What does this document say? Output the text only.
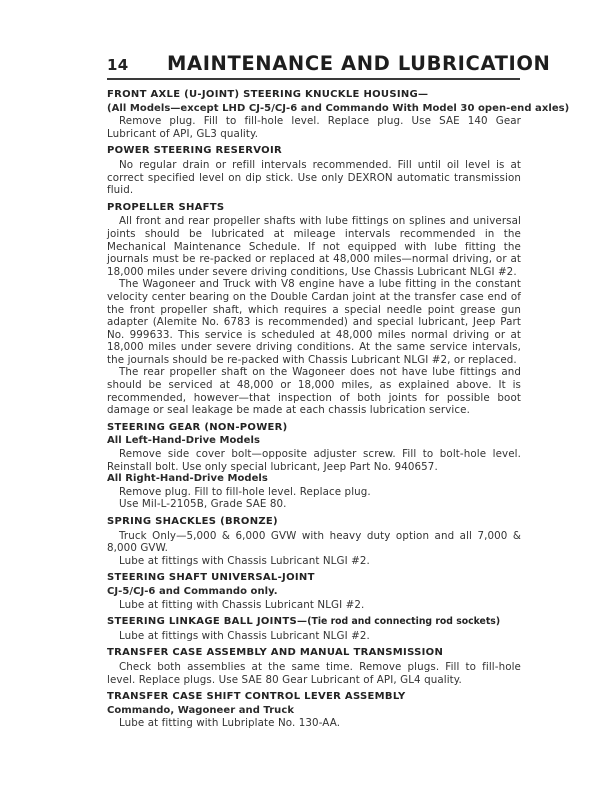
14 MAINTENANCE AND LUBRICATION
FRONT AXLE (U-JOINT) STEERING KNUCKLE HOUSING—
(All Models—except LHD CJ-5/CJ-6 and Commando With Model 30 open-end axles)
Remove plug. Fill to fill-hole level. Replace plug. Use SAE 140 Gear Lubricant of API, GL3 quality.
POWER STEERING RESERVOIR
No regular drain or refill intervals recommended. Fill until oil level is at correct specified level on dip stick. Use only DEXRON automatic transmission fluid.
PROPELLER SHAFTS
All front and rear propeller shafts with lube fittings on splines and universal joints should be lubricated at mileage intervals recommended in the Mechanical Maintenance Schedule. If not equipped with lube fitting the journals must be re-packed or replaced at 48,000 miles—normal driving, or at 18,000 miles under severe driving conditions, Use Chassis Lubricant NLGI #2.
The Wagoneer and Truck with V8 engine have a lube fitting in the constant velocity center bearing on the Double Cardan joint at the transfer case end of the front propeller shaft, which requires a special needle point grease gun adapter (Alemite No. 6783 is recommended) and special lubricant, Jeep Part No. 999633. This service is scheduled at 48,000 miles normal driving or at 18,000 miles under severe driving conditions. At the same service intervals, the journals should be re-packed with Chassis Lubricant NLGI #2, or replaced.
The rear propeller shaft on the Wagoneer does not have lube fittings and should be serviced at 48,000 or 18,000 miles, as explained above. It is recommended, however—that inspection of both joints for possible boot damage or seal leakage be made at each chassis lubrication service.
STEERING GEAR (NON-POWER)
All Left-Hand-Drive Models
Remove side cover bolt—opposite adjuster screw. Fill to bolt-hole level. Reinstall bolt. Use only special lubricant, Jeep Part No. 940657.
All Right-Hand-Drive Models
Remove plug. Fill to fill-hole level. Replace plug.
Use Mil-L-2105B, Grade SAE 80.
SPRING SHACKLES (BRONZE)
Truck Only—5,000 & 6,000 GVW with heavy duty option and all 7,000 & 8,000 GVW.
Lube at fittings with Chassis Lubricant NLGI #2.
STEERING SHAFT UNIVERSAL-JOINT
CJ-5/CJ-6 and Commando only.
Lube at fitting with Chassis Lubricant NLGI #2.
STEERING LINKAGE BALL JOINTS—(Tie rod and connecting rod sockets)
Lube at fittings with Chassis Lubricant NLGI #2.
TRANSFER CASE ASSEMBLY AND MANUAL TRANSMISSION
Check both assemblies at the same time. Remove plugs. Fill to fill-hole level. Replace plugs. Use SAE 80 Gear Lubricant of API, GL4 quality.
TRANSFER CASE SHIFT CONTROL LEVER ASSEMBLY
Commando, Wagoneer and Truck
Lube at fitting with Lubriplate No. 130-AA.
